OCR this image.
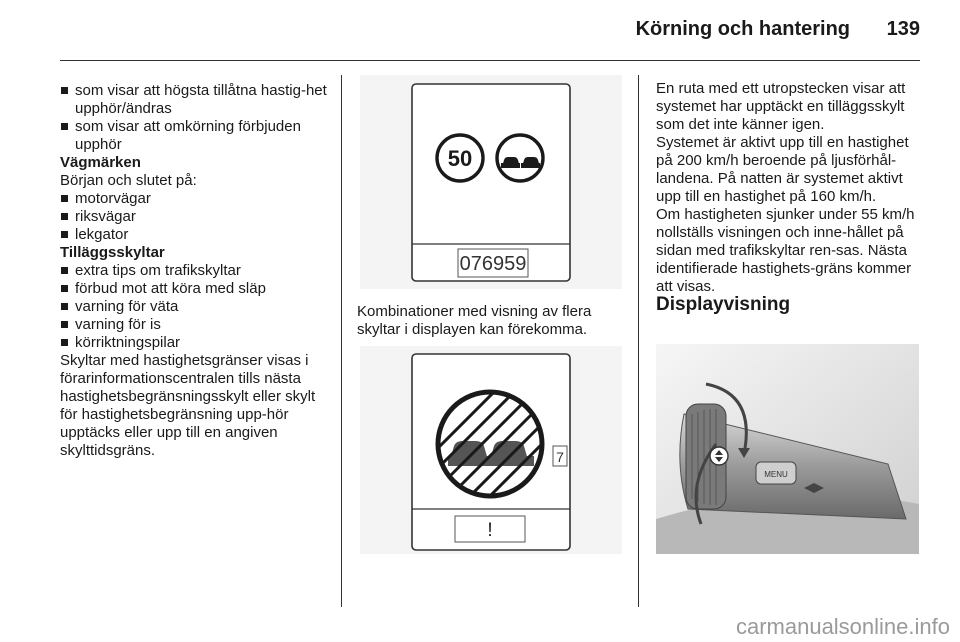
Körning och hantering	139

som visar att högsta tillåtna hastig-het upphör/ändras

som visar att omkörning förbjuden upphör

Vägmärken

Början och slutet på:

motorvägar

riksvägar

lekgator

Tilläggsskyltar

extra tips om trafikskyltar

förbud mot att köra med släp

varning för väta

varning för is

körriktningspilar

Skyltar med hastighetsgränser visas i förarinformationscentralen tills nästa hastighetsbegränsningsskylt eller skylt för hastighetsbegränsning upp-hör upptäcks eller upp till en angiven skylttidsgräns.

50
076959
Kombinationer med visning av flera skyltar i displayen kan förekomma.
7
!

En ruta med ett utropstecken visar att systemet har upptäckt en tilläggsskylt som det inte känner igen.

Systemet är aktivt upp till en hastighet på 200 km/h beroende på ljusförhål-landena. På natten är systemet aktivt upp till en hastighet på 160 km/h.

Om hastigheten sjunker under 55 km/h nollställs visningen och inne-hållet på sidan med trafikskyltar ren-sas. Nästa identifierade hastighets-gräns kommer att visas.

Displayvisning

MENU
carmanualsonline.info
